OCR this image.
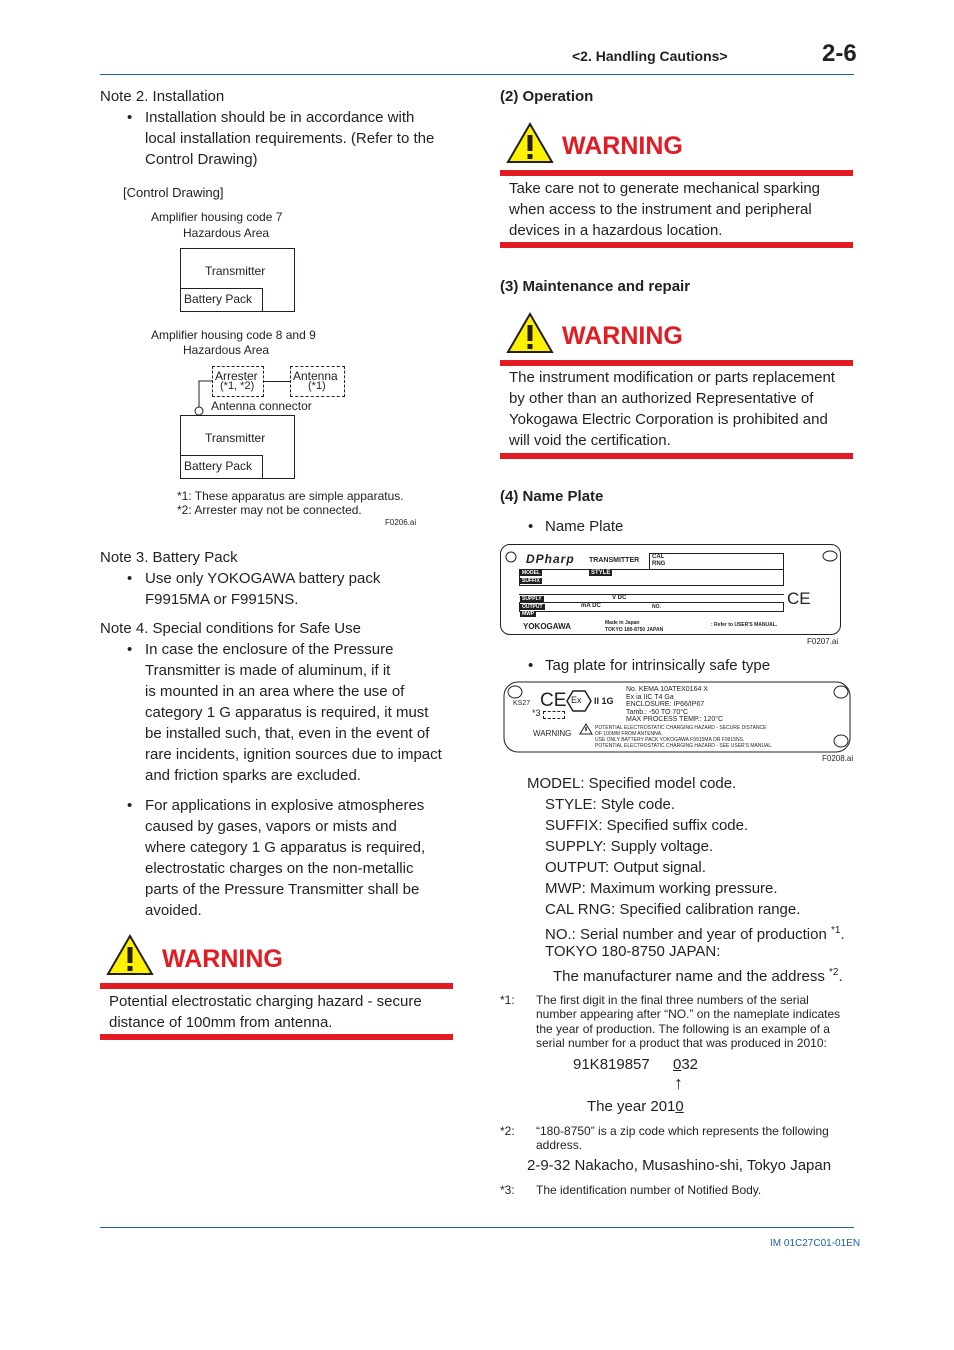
<2. Handling Cautions>	2-6
Note 2. Installation
• Installation should be in accordance with
local installation requirements. (Refer to the
Control Drawing)
[Control Drawing]
Amplifier housing code 7
Hazardous Area
Transmitter
Battery Pack
Amplifier housing code 8 and 9
Hazardous Area
Arrester
(*1, *2)
Antenna
(*1)
Antenna connector
Transmitter
Battery Pack
*1: These apparatus are simple apparatus.
*2: Arrester may not be connected.
F0206.ai
Note 3. Battery Pack
• Use only YOKOGAWA battery pack
F9915MA or F9915NS.
Note 4. Special conditions for Safe Use
• In case the enclosure of the Pressure
Transmitter is made of aluminum, if it
is mounted in an area where the use of
category 1 G apparatus is required, it must
be installed such, that, even in the event of
rare incidents, ignition sources due to impact
and friction sparks are excluded.
• For applications in explosive atmospheres
caused by gases, vapors or mists and
where category 1 G apparatus is required,
electrostatic charges on the non-metallic
parts of the Pressure Transmitter shall be
avoided.
WARNING
Potential electrostatic charging hazard - secure
distance of 100mm from antenna.
(2) Operation
WARNING
Take care not to generate mechanical sparking
when access to the instrument and peripheral
devices in a hazardous location.
(3) Maintenance and repair
WARNING
The instrument modification or parts replacement
by other than an authorized Representative of
Yokogawa Electric Corporation is prohibited and
will void the certification.
(4) Name Plate
• Name Plate
DPharp TRANSMITTER CAL
RNG
MODEL
SUFFIX
STYLE
SUPPLY
OUTPUT
MWP
V DC
mA DC	NO.
YOKOGAWA	Made in Japan
TOKYO 180-8750 JAPAN
: Refer to USER'S MANUAL.
CE
F0207.ai
• Tag plate for intrinsically safe type
KS27 CE
*3
Ex II 1G
No. KEMA 10ATEX0164 X
Ex ia IIC T4 Ga
ENCLOSURE: IP66/IP67
Tamb.: -50 TO 70°C
MAX PROCESS TEMP.: 120°C
WARNING
POTENTIAL ELECTROSTATIC CHARGING HAZARD - SECURE DISTANCE
OF 100MM FROM ANTENNA.
USE ONLY BATTERY PACK YOKOGAWA F9915MA OR F9915NS.
POTENTIAL ELECTROSTATIC CHARGING HAZARD - SEE USER'S MANUAL.
F0208.ai
MODEL: Specified model code.
STYLE: Style code.
SUFFIX: Specified suffix code.
SUPPLY: Supply voltage.
OUTPUT: Output signal.
MWP: Maximum working pressure.
CAL RNG: Specified calibration range.
NO.: Serial number and year of production $^{*1}$.
TOKYO 180-8750 JAPAN:
The manufacturer name and the address $^{*2}$.
*1: The first digit in the final three numbers of the serial
number appearing after “NO.” on the nameplate indicates
the year of production. The following is an example of a
serial number for a product that was produced in 2010:
91K819857 032
↑
The year 2010
*2: “180-8750” is a zip code which represents the following
address.
2-9-32 Nakacho, Musashino-shi, Tokyo Japan
*3: The identification number of Notified Body.
IM 01C27C01-01EN
